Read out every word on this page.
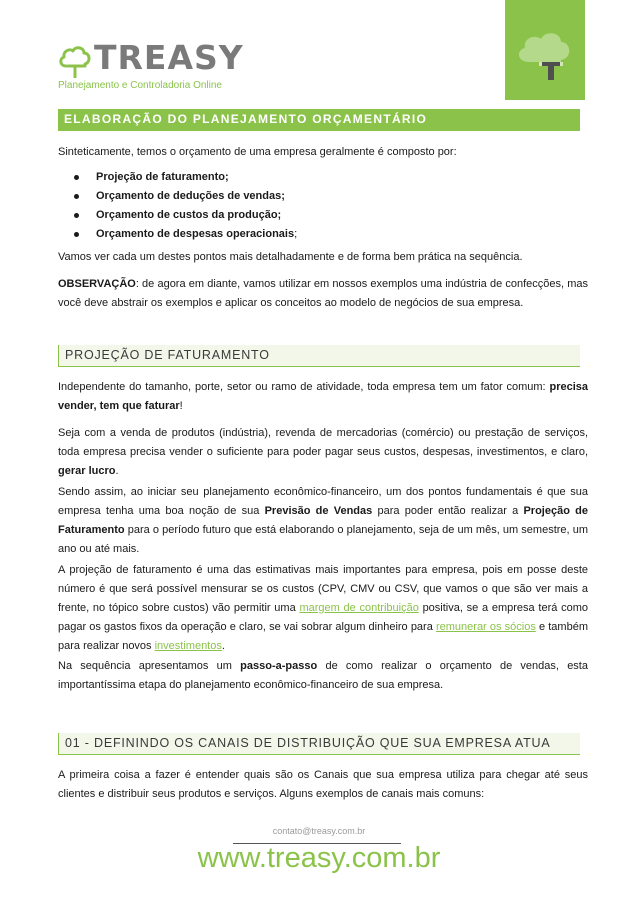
TREASY
Planejamento e Controladoria Online
ELABORAÇÃO DO PLANEJAMENTO ORÇAMENTÁRIO
Sinteticamente, temos o orçamento de uma empresa geralmente é composto por:
Projeção de faturamento;
Orçamento de deduções de vendas;
Orçamento de custos da produção;
Orçamento de despesas operacionais;
Vamos ver cada um destes pontos mais detalhadamente e de forma bem prática na sequência.
OBSERVAÇÃO: de agora em diante, vamos utilizar em nossos exemplos uma indústria de confecções, mas você deve abstrair os exemplos e aplicar os conceitos ao modelo de negócios de sua empresa.
PROJEÇÃO DE FATURAMENTO
Independente do tamanho, porte, setor ou ramo de atividade, toda empresa tem um fator comum: precisa vender, tem que faturar!
Seja com a venda de produtos (indústria), revenda de mercadorias (comércio) ou prestação de serviços, toda empresa precisa vender o suficiente para poder pagar seus custos, despesas, investimentos, e claro, gerar lucro.
Sendo assim, ao iniciar seu planejamento econômico-financeiro, um dos pontos fundamentais é que sua empresa tenha uma boa noção de sua Previsão de Vendas para poder então realizar a Projeção de Faturamento para o período futuro que está elaborando o planejamento, seja de um mês, um semestre, um ano ou até mais.
A projeção de faturamento é uma das estimativas mais importantes para empresa, pois em posse deste número é que será possível mensurar se os custos (CPV, CMV ou CSV, que vamos o que são ver mais a frente, no tópico sobre custos) vão permitir uma margem de contribuição positiva, se a empresa terá como pagar os gastos fixos da operação e claro, se vai sobrar algum dinheiro para remunerar os sócios e também para realizar novos investimentos.
Na sequência apresentamos um passo-a-passo de como realizar o orçamento de vendas, esta importantíssima etapa do planejamento econômico-financeiro de sua empresa.
01 - DEFININDO OS CANAIS DE DISTRIBUIÇÃO QUE SUA EMPRESA ATUA
A primeira coisa a fazer é entender quais são os Canais que sua empresa utiliza para chegar até seus clientes e distribuir seus produtos e serviços. Alguns exemplos de canais mais comuns:
contato@treasy.com.br
www.treasy.com.br
